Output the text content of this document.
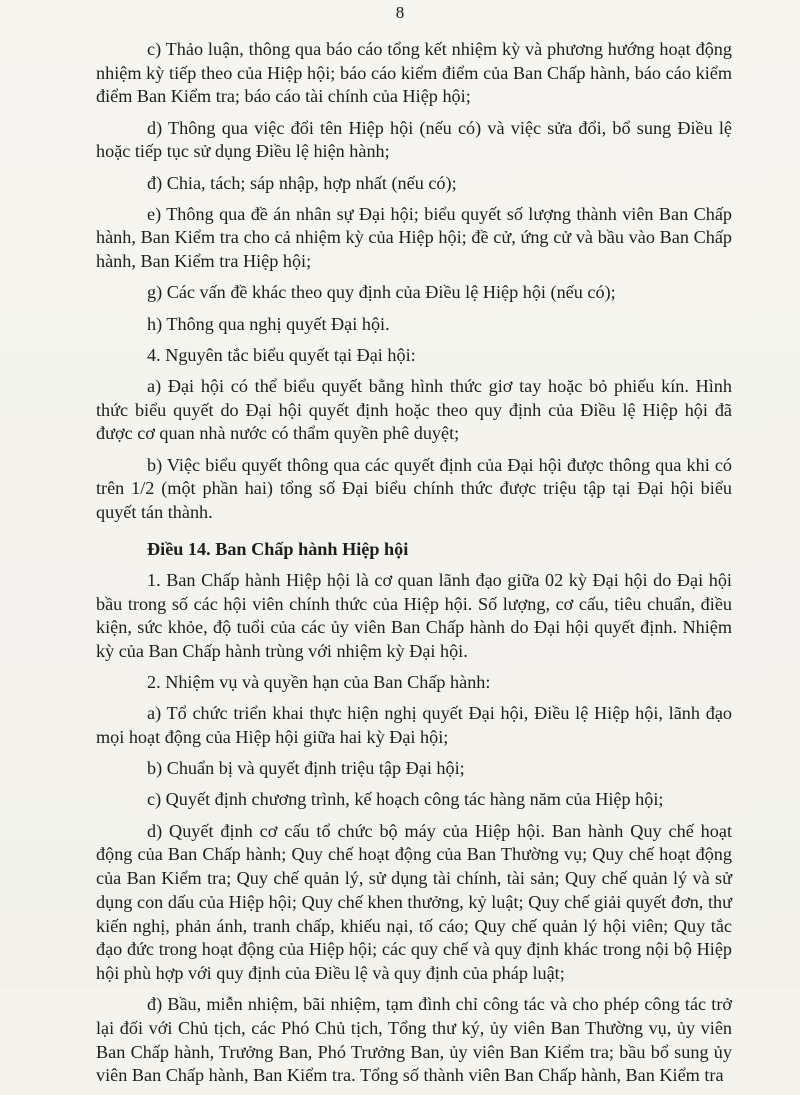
8

c) Thảo luận, thông qua báo cáo tổng kết nhiệm kỳ và phương hướng hoạt động nhiệm kỳ tiếp theo của Hiệp hội; báo cáo kiểm điểm của Ban Chấp hành, báo cáo kiểm điểm Ban Kiểm tra; báo cáo tài chính của Hiệp hội;

d) Thông qua việc đổi tên Hiệp hội (nếu có) và việc sửa đổi, bổ sung Điều lệ hoặc tiếp tục sử dụng Điều lệ hiện hành;

đ) Chia, tách; sáp nhập, hợp nhất (nếu có);

e) Thông qua đề án nhân sự Đại hội; biểu quyết số lượng thành viên Ban Chấp hành, Ban Kiểm tra cho cả nhiệm kỳ của Hiệp hội; đề cử, ứng cử và bầu vào Ban Chấp hành, Ban Kiểm tra Hiệp hội;

g) Các vấn đề khác theo quy định của Điều lệ Hiệp hội (nếu có);

h) Thông qua nghị quyết Đại hội.

4. Nguyên tắc biểu quyết tại Đại hội:

a) Đại hội có thể biểu quyết bằng hình thức giơ tay hoặc bỏ phiếu kín. Hình thức biểu quyết do Đại hội quyết định hoặc theo quy định của Điều lệ Hiệp hội đã được cơ quan nhà nước có thẩm quyền phê duyệt;

b) Việc biểu quyết thông qua các quyết định của Đại hội được thông qua khi có trên 1/2 (một phần hai) tổng số Đại biểu chính thức được triệu tập tại Đại hội biểu quyết tán thành.

Điều 14. Ban Chấp hành Hiệp hội

1. Ban Chấp hành Hiệp hội là cơ quan lãnh đạo giữa 02 kỳ Đại hội do Đại hội bầu trong số các hội viên chính thức của Hiệp hội. Số lượng, cơ cấu, tiêu chuẩn, điều kiện, sức khỏe, độ tuổi của các ủy viên Ban Chấp hành do Đại hội quyết định. Nhiệm kỳ của Ban Chấp hành trùng với nhiệm kỳ Đại hội.

2. Nhiệm vụ và quyền hạn của Ban Chấp hành:

a) Tổ chức triển khai thực hiện nghị quyết Đại hội, Điều lệ Hiệp hội, lãnh đạo mọi hoạt động của Hiệp hội giữa hai kỳ Đại hội;

b) Chuẩn bị và quyết định triệu tập Đại hội;

c) Quyết định chương trình, kế hoạch công tác hàng năm của Hiệp hội;

d) Quyết định cơ cấu tổ chức bộ máy của Hiệp hội. Ban hành Quy chế hoạt động của Ban Chấp hành; Quy chế hoạt động của Ban Thường vụ; Quy chế hoạt động của Ban Kiểm tra; Quy chế quản lý, sử dụng tài chính, tài sản; Quy chế quản lý và sử dụng con dấu của Hiệp hội; Quy chế khen thưởng, kỷ luật; Quy chế giải quyết đơn, thư kiến nghị, phản ánh, tranh chấp, khiếu nại, tố cáo; Quy chế quản lý hội viên; Quy tắc đạo đức trong hoạt động của Hiệp hội; các quy chế và quy định khác trong nội bộ Hiệp hội phù hợp với quy định của Điều lệ và quy định của pháp luật;

đ) Bầu, miễn nhiệm, bãi nhiệm, tạm đình chỉ công tác và cho phép công tác trở lại đối với Chủ tịch, các Phó Chủ tịch, Tổng thư ký, ủy viên Ban Thường vụ, ủy viên Ban Chấp hành, Trưởng Ban, Phó Trưởng Ban, ủy viên Ban Kiểm tra; bầu bổ sung ủy viên Ban Chấp hành, Ban Kiểm tra. Tổng số thành viên Ban Chấp hành, Ban Kiểm tra
